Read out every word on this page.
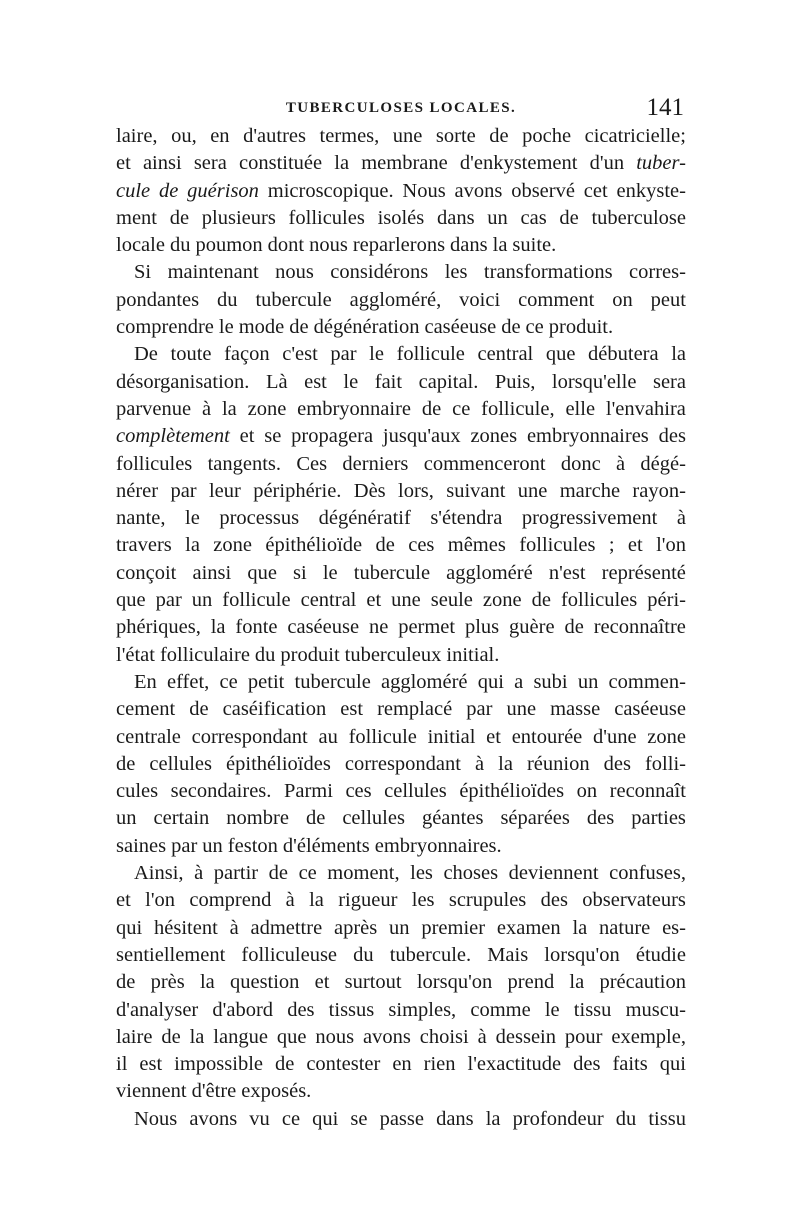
TUBERCULOSES LOCALES.	141
laire, ou, en d'autres termes, une sorte de poche cicatricielle;
et ainsi sera constituée la membrane d'enkystement d'un tuber-
cule de guérison microscopique. Nous avons observé cet enkyste-
ment de plusieurs follicules isolés dans un cas de tuberculose
locale du poumon dont nous reparlerons dans la suite.
Si maintenant nous considérons les transformations corres-
pondantes du tubercule aggloméré, voici comment on peut
comprendre le mode de dégénération caséeuse de ce produit.
De toute façon c'est par le follicule central que débutera la
désorganisation. Là est le fait capital. Puis, lorsqu'elle sera
parvenue à la zone embryonnaire de ce follicule, elle l'envahira
complètement et se propagera jusqu'aux zones embryonnaires des
follicules tangents. Ces derniers commenceront donc à dégé-
nérer par leur périphérie. Dès lors, suivant une marche rayon-
nante, le processus dégénératif s'étendra progressivement à
travers la zone épithélioïde de ces mêmes follicules ; et l'on
conçoit ainsi que si le tubercule aggloméré n'est représenté
que par un follicule central et une seule zone de follicules péri-
phériques, la fonte caséeuse ne permet plus guère de reconnaître
l'état folliculaire du produit tuberculeux initial.
En effet, ce petit tubercule aggloméré qui a subi un commen-
cement de caséification est remplacé par une masse caséeuse
centrale correspondant au follicule initial et entourée d'une zone
de cellules épithélioïdes correspondant à la réunion des folli-
cules secondaires. Parmi ces cellules épithélioïdes on reconnaît
un certain nombre de cellules géantes séparées des parties
saines par un feston d'éléments embryonnaires.
Ainsi, à partir de ce moment, les choses deviennent confuses,
et l'on comprend à la rigueur les scrupules des observateurs
qui hésitent à admettre après un premier examen la nature es-
sentiellement folliculeuse du tubercule. Mais lorsqu'on étudie
de près la question et surtout lorsqu'on prend la précaution
d'analyser d'abord des tissus simples, comme le tissu muscu-
laire de la langue que nous avons choisi à dessein pour exemple,
il est impossible de contester en rien l'exactitude des faits qui
viennent d'être exposés.
Nous avons vu ce qui se passe dans la profondeur du tissu
